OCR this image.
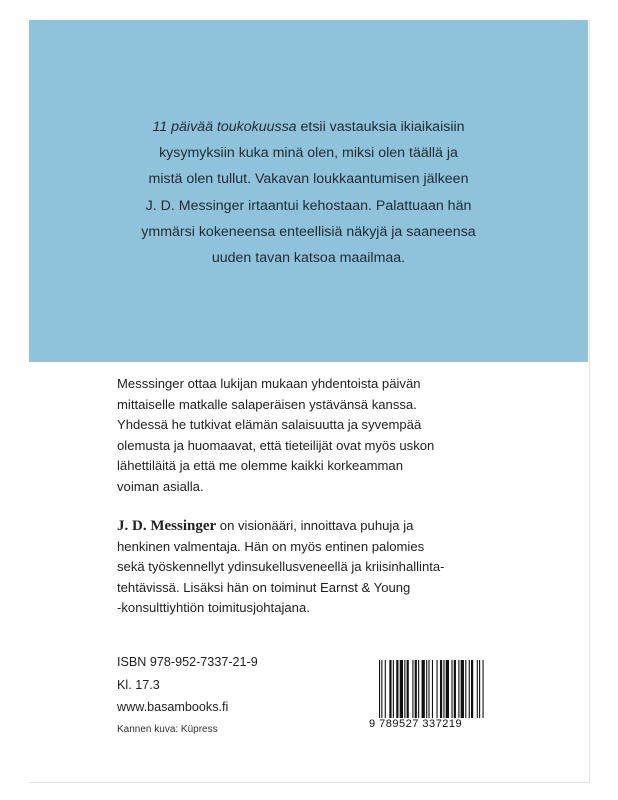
11 päivää toukokuussa etsii vastauksia ikiaikaisiin

kysymyksiin kuka minä olen, miksi olen täällä ja

mistä olen tullut. Vakavan loukkaantumisen jälkeen

J. D. Messinger irtaantui kehostaan. Palattuaan hän

ymmärsi kokeneensa enteellisiä näkyjä ja saaneensa

uuden tavan katsoa maailmaa.

Messsinger ottaa lukijan mukaan yhdentoista päivän

mittaiselle matkalle salaperäisen ystävänsä kanssa.

Yhdessä he tutkivat elämän salaisuutta ja syvempää

olemusta ja huomaavat, että tieteilijät ovat myös uskon

lähettiläitä ja että me olemme kaikki korkeamman

voiman asialla.

J. D. Messinger on visionääri, innoittava puhuja ja

henkinen valmentaja. Hän on myös entinen palomies

sekä työskennellyt ydinsukellusveneellä ja kriisinhallinta-

tehtävissä. Lisäksi hän on toiminut Earnst & Young

-konsulttiyhtiön toimitusjohtajana.

ISBN 978-952-7337-21-9
Kl. 17.3
www.basambooks.fi
Kannen kuva: Küpress	9 789527 337219
